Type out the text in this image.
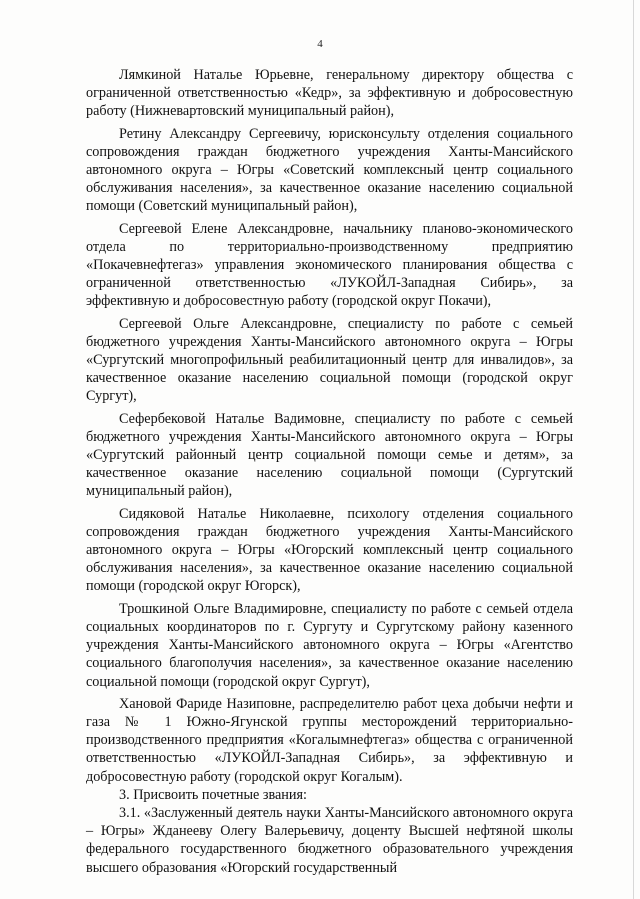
4

Лямкиной Наталье Юрьевне, генеральному директору общества с ограниченной ответственностью «Кедр», за эффективную и добросовестную работу (Нижневартовский муниципальный район),

Ретину Александру Сергеевичу, юрисконсульту отделения социального сопровождения граждан бюджетного учреждения Ханты-Мансийского автономного округа – Югры «Советский комплексный центр социального обслуживания населения», за качественное оказание населению социальной помощи (Советский муниципальный район),

Сергеевой Елене Александровне, начальнику планово-экономического отдела по территориально-производственному предприятию «Покачевнефтегаз» управления экономического планирования общества с ограниченной ответственностью «ЛУКОЙЛ-Западная Сибирь», за эффективную и добросовестную работу (городской округ Покачи),

Сергеевой Ольге Александровне, специалисту по работе с семьей бюджетного учреждения Ханты-Мансийского автономного округа – Югры «Сургутский многопрофильный реабилитационный центр для инвалидов», за качественное оказание населению социальной помощи (городской округ Сургут),

Сефербековой Наталье Вадимовне, специалисту по работе с семьей бюджетного учреждения Ханты-Мансийского автономного округа – Югры «Сургутский районный центр социальной помощи семье и детям», за качественное оказание населению социальной помощи (Сургутский муниципальный район),

Сидяковой Наталье Николаевне, психологу отделения социального сопровождения граждан бюджетного учреждения Ханты-Мансийского автономного округа – Югры «Югорский комплексный центр социального обслуживания населения», за качественное оказание населению социальной помощи (городской округ Югорск),

Трошкиной Ольге Владимировне, специалисту по работе с семьей отдела социальных координаторов по г. Сургуту и Сургутскому району казенного учреждения Ханты-Мансийского автономного округа – Югры «Агентство социального благополучия населения», за качественное оказание населению социальной помощи (городской округ Сургут),

Хановой Фариде Назиповне, распределителю работ цеха добычи нефти и газа № 1 Южно-Ягунской группы месторождений территориально-производственного предприятия «Когалымнефтегаз» общества с ограниченной ответственностью «ЛУКОЙЛ-Западная Сибирь», за эффективную и добросовестную работу (городской округ Когалым).

3. Присвоить почетные звания:

3.1. «Заслуженный деятель науки Ханты-Мансийского автономного округа – Югры» Жданееву Олегу Валерьевичу, доценту Высшей нефтяной школы федерального государственного бюджетного образовательного учреждения высшего образования «Югорский государственный
